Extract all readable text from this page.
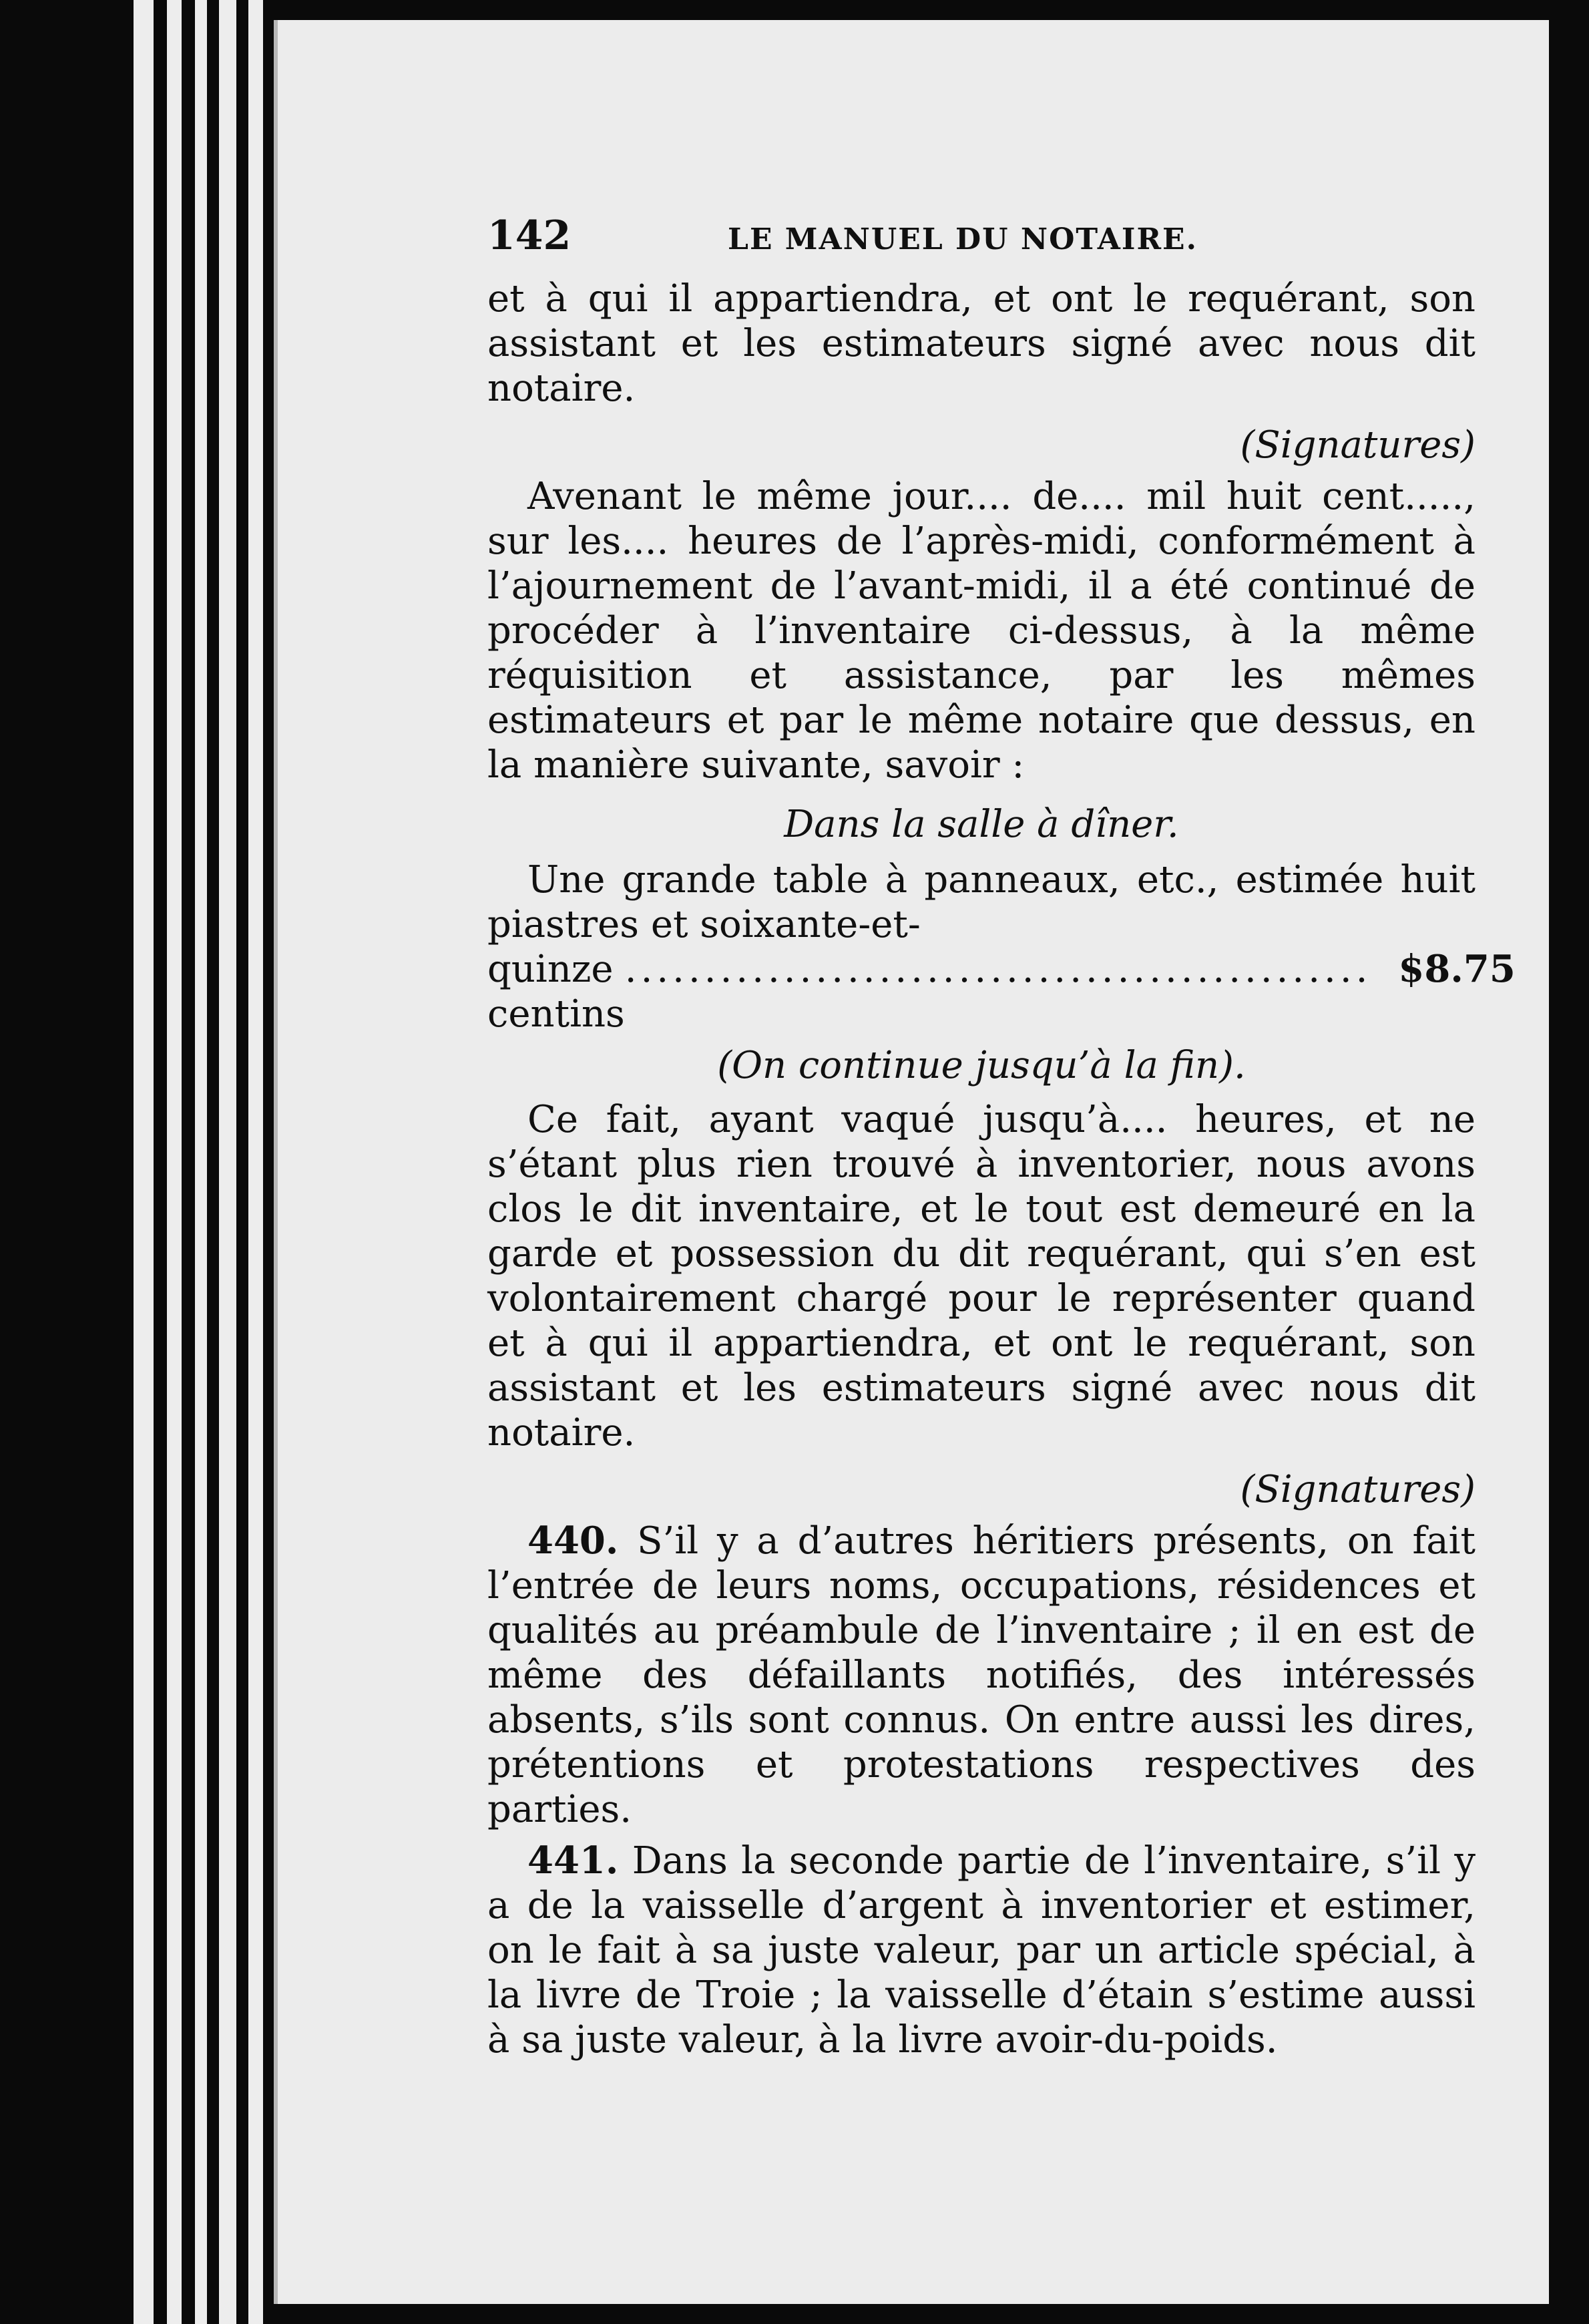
142	LE MANUEL DU NOTAIRE.

et à qui il appartiendra, et ont le requérant, son assistant et les estimateurs signé avec nous dit notaire.

(Signatures)

Avenant le même jour.... de.... mil huit cent....., sur les.... heures de l’après-midi, conformément à l’ajournement de l’avant-midi, il a été continué de procéder à l’inventaire ci-dessus, à la même réquisition et assistance, par les mêmes estimateurs et par le même notaire que dessus, en la manière suivante, savoir :

Dans la salle à dîner.

Une grande table à panneaux, etc., estimée huit piastres et soixante-et-

quinze centins
............................................... $8.75
(On continue jusqu’à la fin).

Ce fait, ayant vaqué jusqu’à.... heures, et ne s’étant plus rien trouvé à inventorier, nous avons clos le dit inventaire, et le tout est demeuré en la garde et possession du dit requérant, qui s’en est volontairement chargé pour le représenter quand et à qui il appartiendra, et ont le requérant, son assistant et les estimateurs signé avec nous dit notaire.

(Signatures)

440. S’il y a d’autres héritiers présents, on fait l’entrée de leurs noms, occupations, résidences et qualités au préambule de l’inventaire ; il en est de même des défaillants notifiés, des intéressés absents, s’ils sont connus. On entre aussi les dires, prétentions et protestations respectives des parties.

441. Dans la seconde partie de l’inventaire, s’il y a de la vaisselle d’argent à inventorier et estimer, on le fait à sa juste valeur, par un article spécial, à la livre de Troie ; la vaisselle d’étain s’estime aussi à sa juste valeur, à la livre avoir-du-poids.
